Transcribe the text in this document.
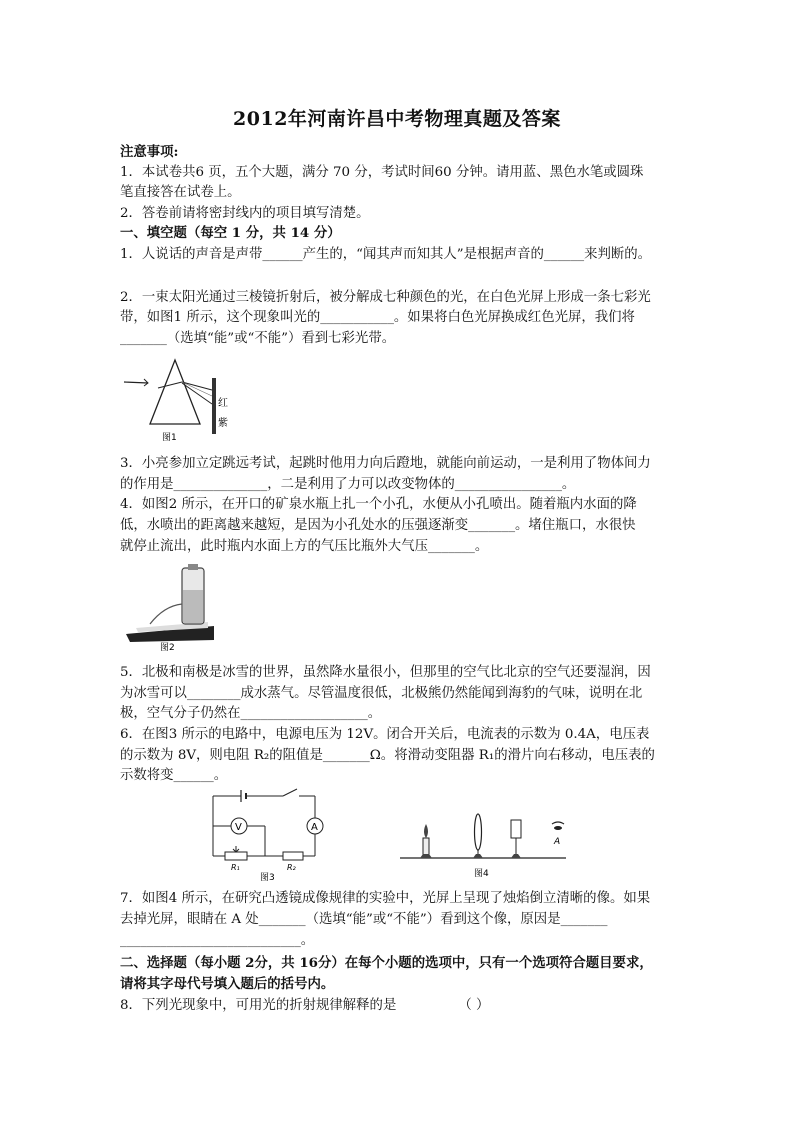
2012年河南许昌中考物理真题及答案
注意事项:
1．本试卷共6 页，五个大题，满分 70 分，考试时间60 分钟。请用蓝、黑色水笔或圆珠
笔直接答在试卷上。
2．答卷前请将密封线内的项目填写清楚。
一、填空题（每空 1 分，共 14 分）
1．人说话的声音是声带______产生的，“闻其声而知其人”是根据声音的______来判断的。
2．一束太阳光通过三棱镜折射后，被分解成七种颜色的光，在白色光屏上形成一条七彩光
带，如图1 所示，这个现象叫光的___________。如果将白色光屏换成红色光屏，我们将
_______（选填“能”或“不能”）看到七彩光带。
红
紫
图1
3．小亮参加立定跳远考试，起跳时他用力向后蹬地，就能向前运动，一是利用了物体间力
的作用是______________，二是利用了力可以改变物体的________________。
4．如图2 所示，在开口的矿泉水瓶上扎一个小孔，水便从小孔喷出。随着瓶内水面的降
低，水喷出的距离越来越短，是因为小孔处水的压强逐渐变_______。堵住瓶口，水很快
就停止流出，此时瓶内水面上方的气压比瓶外大气压_______。
图2
5．北极和南极是冰雪的世界，虽然降水量很小，但那里的空气比北京的空气还要湿润，因
为冰雪可以________成水蒸气。尽管温度很低，北极熊仍然能闻到海豹的气味，说明在北
极，空气分子仍然在___________________。
6．在图3 所示的电路中，电源电压为 12V。闭合开关后，电流表的示数为 0.4A，电压表
的示数为 8V，则电阻 R₂的阻值是_______Ω。将滑动变阻器 R₁的滑片向右移动，电压表的
示数将变______。
V	A
R₁	R₂
图3
A
图4
7．如图4 所示，在研究凸透镜成像规律的实验中，光屏上呈现了烛焰倒立清晰的像。如果
去掉光屏，眼睛在 A 处_______（选填“能”或“不能”）看到这个像，原因是_______
___________________________。
二、选择题（每小题 2分，共 16分）在每个小题的选项中，只有一个选项符合题目要求，
请将其字母代号填入题后的括号内。
8．下列光现象中，可用光的折射规律解释的是	（ ）
